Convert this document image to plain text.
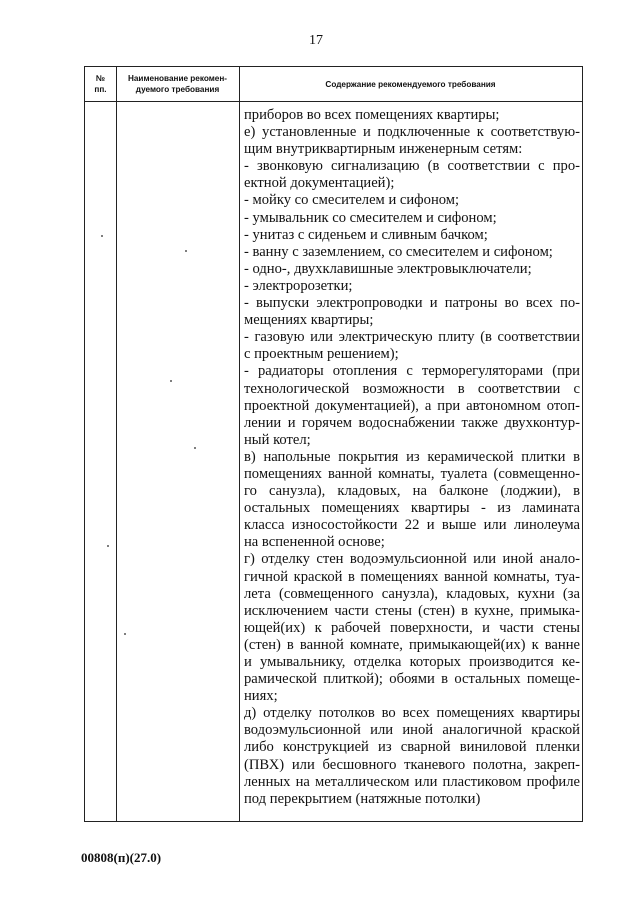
17
№
пп.
Наименование рекомен-
дуемого требования
Содержание рекомендуемого требования
приборов во всех помещениях квартиры;
е) установленные и подключенные к соответствую-
щим внутриквартирным инженерным сетям:
- звонковую сигнализацию (в соответствии с про-
ектной документацией);
- мойку со смесителем и сифоном;
- умывальник со смесителем и сифоном;
- унитаз с сиденьем и сливным бачком;
- ванну с заземлением, со смесителем и сифоном;
- одно-, двухклавишные электровыключатели;
- электророзетки;
- выпуски электропроводки и патроны во всех по-
мещениях квартиры;
- газовую или электрическую плиту (в соответствии
с проектным решением);
- радиаторы отопления с терморегуляторами (при
технологической возможности в соответствии с
проектной документацией), а при автономном отоп-
лении и горячем водоснабжении также двухконтур-
ный котел;
в) напольные покрытия из керамической плитки в
помещениях ванной комнаты, туалета (совмещенно-
го санузла), кладовых, на балконе (лоджии), в
остальных помещениях квартиры - из ламината
класса износостойкости 22 и выше или линолеума
на вспененной основе;
г) отделку стен водоэмульсионной или иной анало-
гичной краской в помещениях ванной комнаты, туа-
лета (совмещенного санузла), кладовых, кухни (за
исключением части стены (стен) в кухне, примыка-
ющей(их) к рабочей поверхности, и части стены
(стен) в ванной комнате, примыкающей(их) к ванне
и умывальнику, отделка которых производится ке-
рамической плиткой); обоями в остальных помеще-
ниях;
д) отделку потолков во всех помещениях квартиры
водоэмульсионной или иной аналогичной краской
либо конструкцией из сварной виниловой пленки
(ПВХ) или бесшовного тканевого полотна, закреп-
ленных на металлическом или пластиковом профиле
под перекрытием (натяжные потолки)
00808(п)(27.0)
